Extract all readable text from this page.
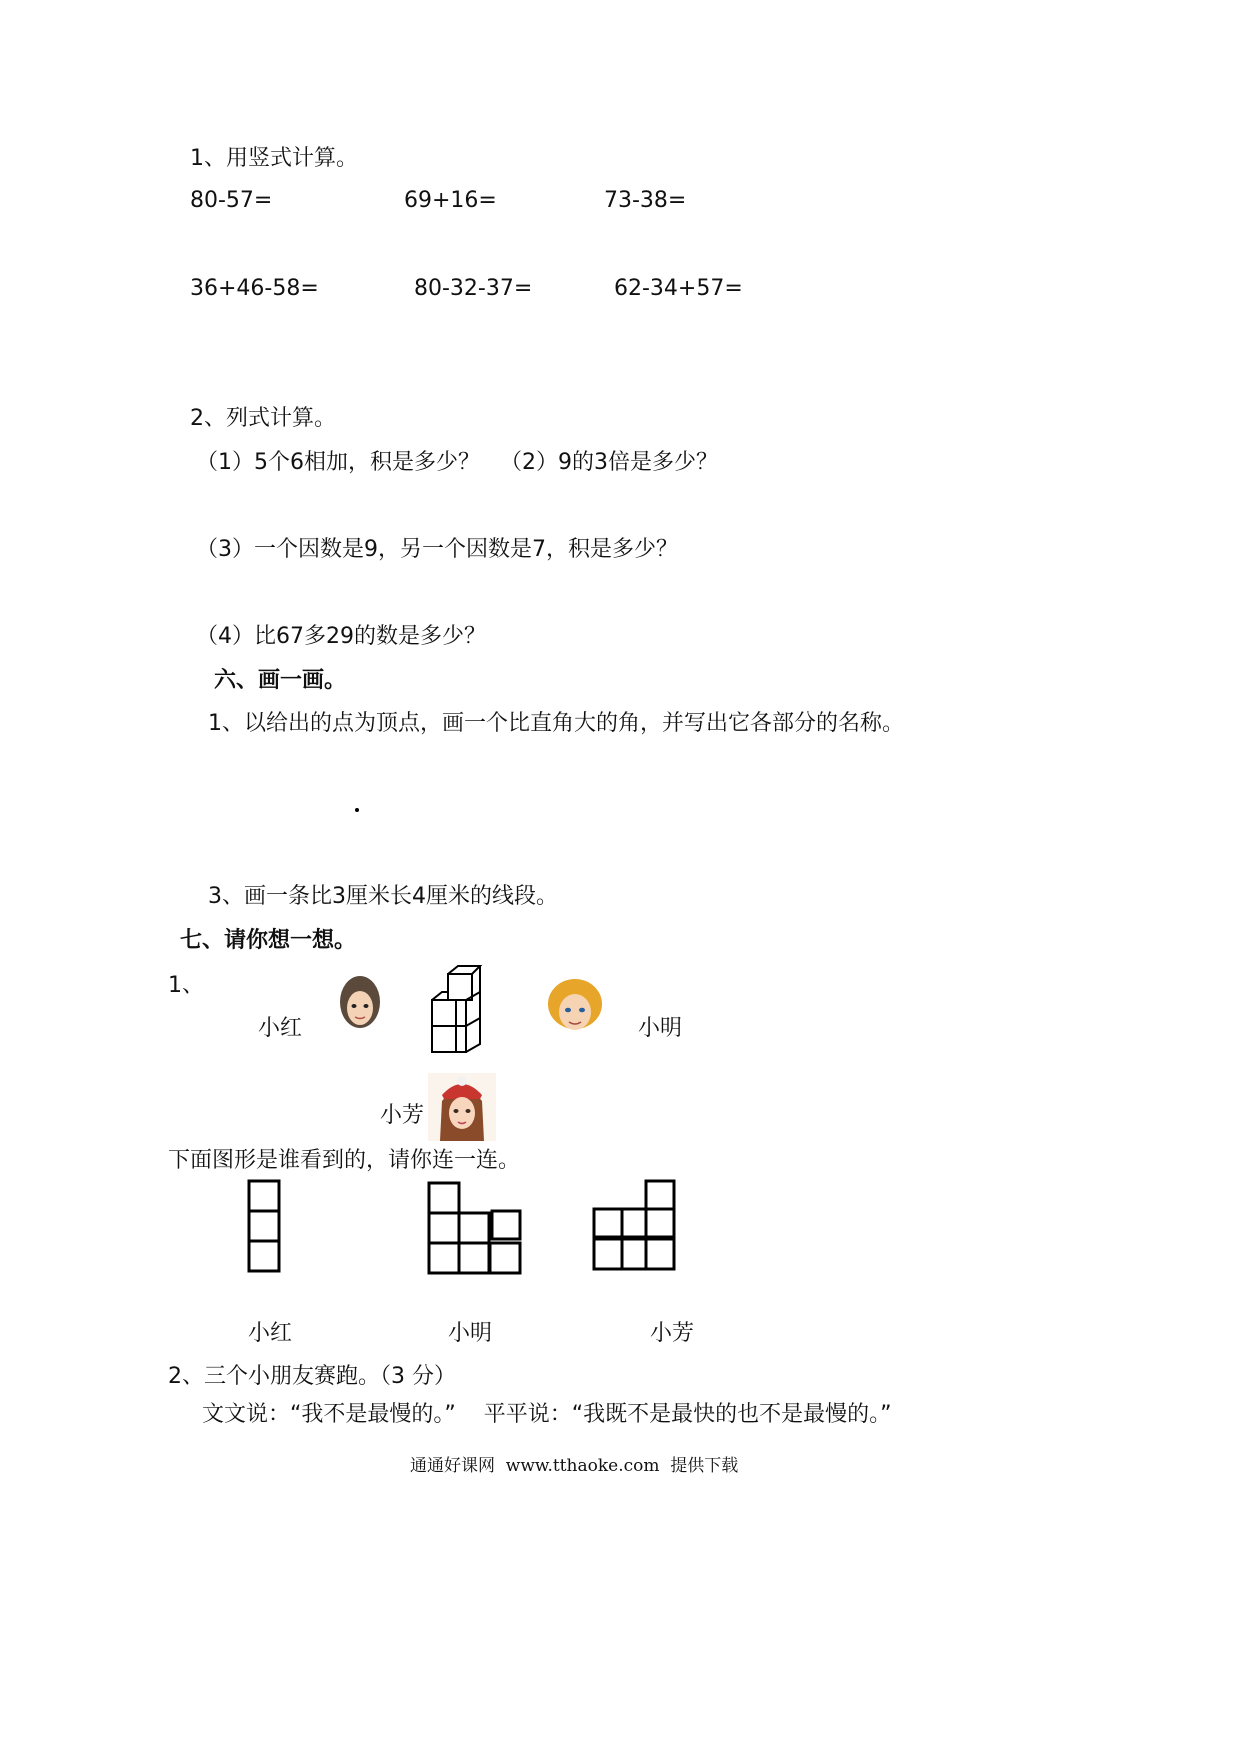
1、用竖式计算。
80-57=	69+16=	73-38=
36+46-58=	80-32-37=	62-34+57=
2、列式计算。
（1）5个6相加，积是多少？ （2）9的3倍是多少？
（3）一个因数是9，另一个因数是7，积是多少？
（4）比67多29的数是多少？
六、画一画。
1、以给出的点为顶点，画一个比直角大的角，并写出它各部分的名称。
3、画一条比3厘米长4厘米的线段。
七、请你想一想。
1、
小红	小明
小芳
下面图形是谁看到的，请你连一连。
小红	小明	小芳
2、三个小朋友赛跑。（3 分）
文文说：“我不是最慢的。”    平平说：“我既不是最快的也不是最慢的。”
通通好课网  www.tthaoke.com  提供下载
